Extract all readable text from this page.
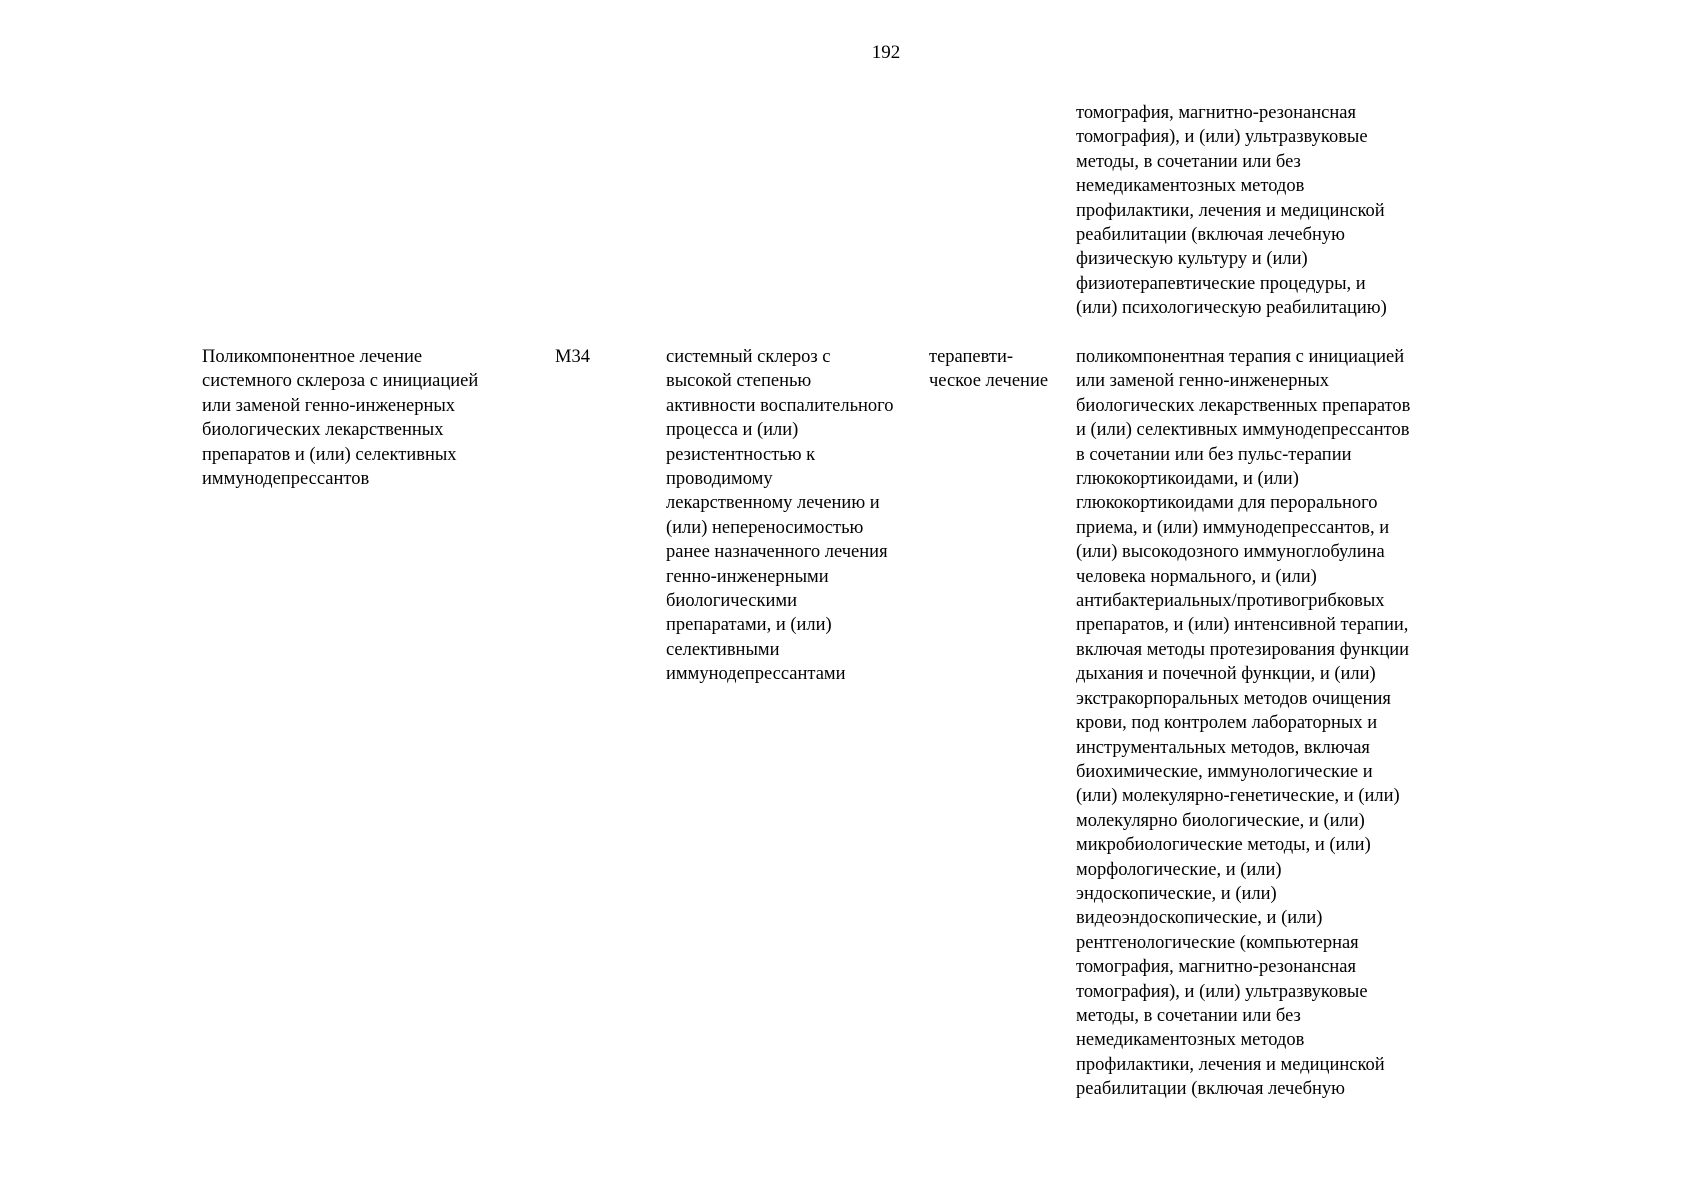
192
томография, магнитно-резонансная
томография), и (или) ультразвуковые
методы, в сочетании или без
немедикаментозных методов
профилактики, лечения и медицинской
реабилитации (включая лечебную
физическую культуру и (или)
физиотерапевтические процедуры, и
(или) психологическую реабилитацию)
Поликомпонентное лечение
системного склероза с инициацией
или заменой генно-инженерных
биологических лекарственных
препаратов и (или) селективных
иммунодепрессантов
М34	системный склероз с
высокой степенью
активности воспалительного
процесса и (или)
резистентностью к
проводимому
лекарственному лечению и
(или) непереносимостью
ранее назначенного лечения
генно-инженерными
биологическими
препаратами, и (или)
селективными
иммунодепрессантами
терапевти-
ческое лечение
поликомпонентная терапия с инициацией
или заменой генно-инженерных
биологических лекарственных препаратов
и (или) селективных иммунодепрессантов
в сочетании или без пульс-терапии
глюкокортикоидами, и (или)
глюкокортикоидами для перорального
приема, и (или) иммунодепрессантов, и
(или) высокодозного иммуноглобулина
человека нормального, и (или)
антибактериальных/противогрибковых
препаратов, и (или) интенсивной терапии,
включая методы протезирования функции
дыхания и почечной функции, и (или)
экстракорпоральных методов очищения
крови, под контролем лабораторных и
инструментальных методов, включая
биохимические, иммунологические и
(или) молекулярно-генетические, и (или)
молекулярно биологические, и (или)
микробиологические методы, и (или)
морфологические, и (или)
эндоскопические, и (или)
видеоэндоскопические, и (или)
рентгенологические (компьютерная
томография, магнитно-резонансная
томография), и (или) ультразвуковые
методы, в сочетании или без
немедикаментозных методов
профилактики, лечения и медицинской
реабилитации (включая лечебную
